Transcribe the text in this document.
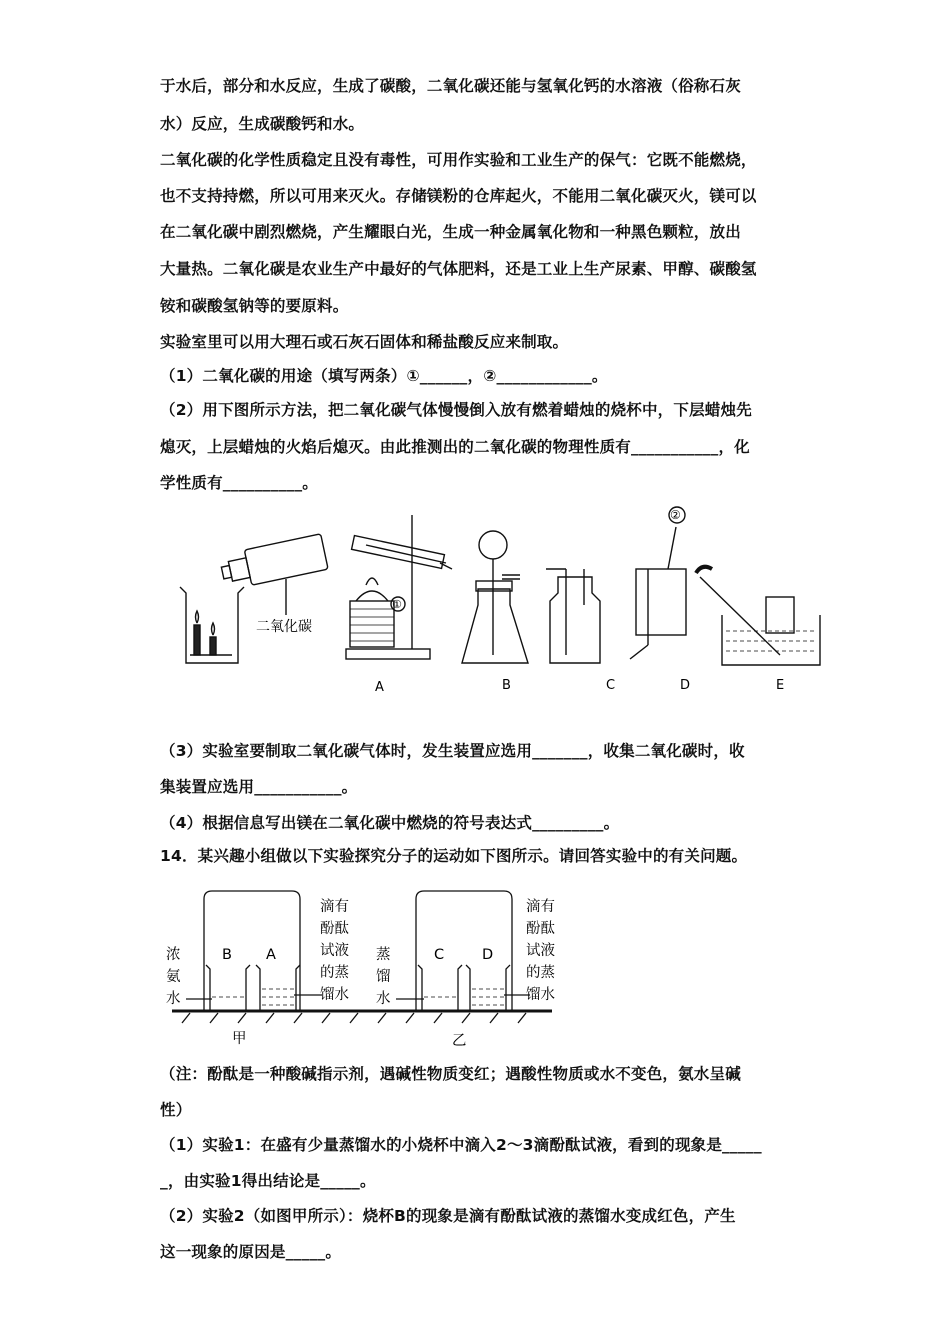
于水后，部分和水反应，生成了碳酸，二氧化碳还能与氢氧化钙的水溶液（俗称石灰
水）反应，生成碳酸钙和水。
二氧化碳的化学性质稳定且没有毒性，可用作实验和工业生产的保气：它既不能燃烧，
也不支持持燃，所以可用来灭火。存储镁粉的仓库起火，不能用二氧化碳灭火，镁可以
在二氧化碳中剧烈燃烧，产生耀眼白光，生成一种金属氧化物和一种黑色颗粒，放出
大量热。二氧化碳是农业生产中最好的气体肥料，还是工业上生产尿素、甲醇、碳酸氢
铵和碳酸氢钠等的要原料。
实验室里可以用大理石或石灰石固体和稀盐酸反应来制取。
（1）二氧化碳的用途（填写两条）①______，②____________。
（2）用下图所示方法，把二氧化碳气体慢慢倒入放有燃着蜡烛的烧杯中，下层蜡烛先
熄灭，上层蜡烛的火焰后熄灭。由此推测出的二氧化碳的物理性质有___________，化
学性质有__________。
二氧化碳
①
②
A	B	C	D	E
（3）实验室要制取二氧化碳气体时，发生装置应选用_______，收集二氧化碳时，收
集装置应选用___________。
（4）根据信息写出镁在二氧化碳中燃烧的符号表达式_________。
14．某兴趣小组做以下实验探究分子的运动如下图所示。请回答实验中的有关问题。
浓
氨
水
滴有
酚酞
试液
的蒸
馏水
蒸
馏
水
滴有
酚酞
试液
的蒸
馏水
B A	C	D
甲	乙
（注：酚酞是一种酸碱指示剂，遇碱性物质变红；遇酸性物质或水不变色，氨水呈碱
性）
（1）实验1：在盛有少量蒸馏水的小烧杯中滴入2～3滴酚酞试液，看到的现象是_____
_，由实验1得出结论是_____。
（2）实验2（如图甲所示）：烧杯B的现象是滴有酚酞试液的蒸馏水变成红色，产生
这一现象的原因是_____。
